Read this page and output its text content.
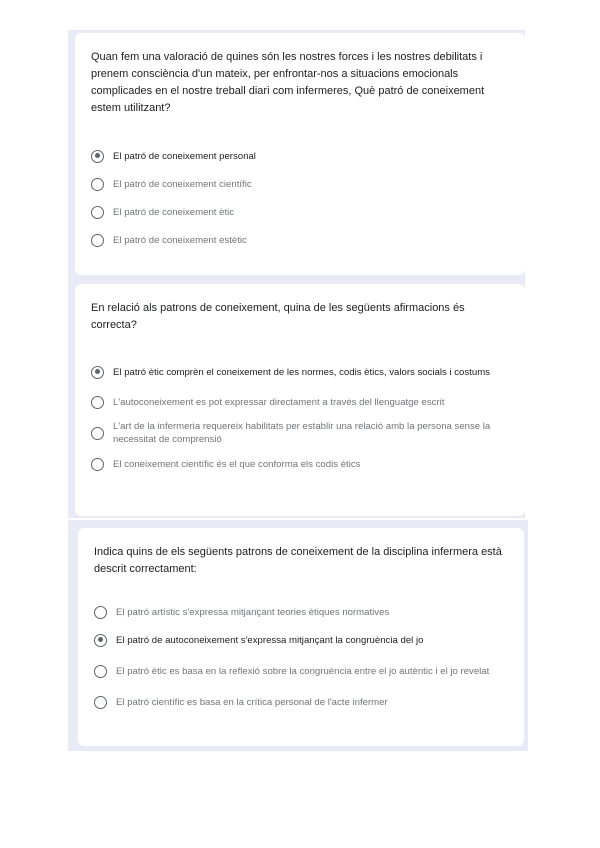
Quan fem una valoració de quines són les nostres forces i les nostres debilitats i prenem consciència d'un mateix, per enfrontar-nos a situacions emocionals complicades en el nostre treball diari com infermeres, Què patró de coneixement estem utilitzant?

El patró de coneixement personal
El patró de coneixement científic
El patró de coneixement ètic
El patró de coneixement estètic

En relació als patrons de coneixement, quina de les següents afirmacions és correcta?

El patró ètic comprèn el coneixement de les normes, codis ètics, valors socials i costums
L'autoconeixement es pot expressar directament a través del llenguatge escrit
L'art de la infermeria requereix habilitats per establir una relació amb la persona sense la necessitat de comprensió
El coneixement científic és el que conforma els codis ètics

Indica quins de els següents patrons de coneixement de la disciplina infermera està descrit correctament:

El patró artístic s'expressa mitjançant teories ètiques normatives
El patró de autoconeixement s'expressa mitjançant la congruència del jo
El patró ètic es basa en la reflexió sobre la congruència entre el jo autèntic i el jo revelat
El patró científic es basa en la crítica personal de l'acte infermer
